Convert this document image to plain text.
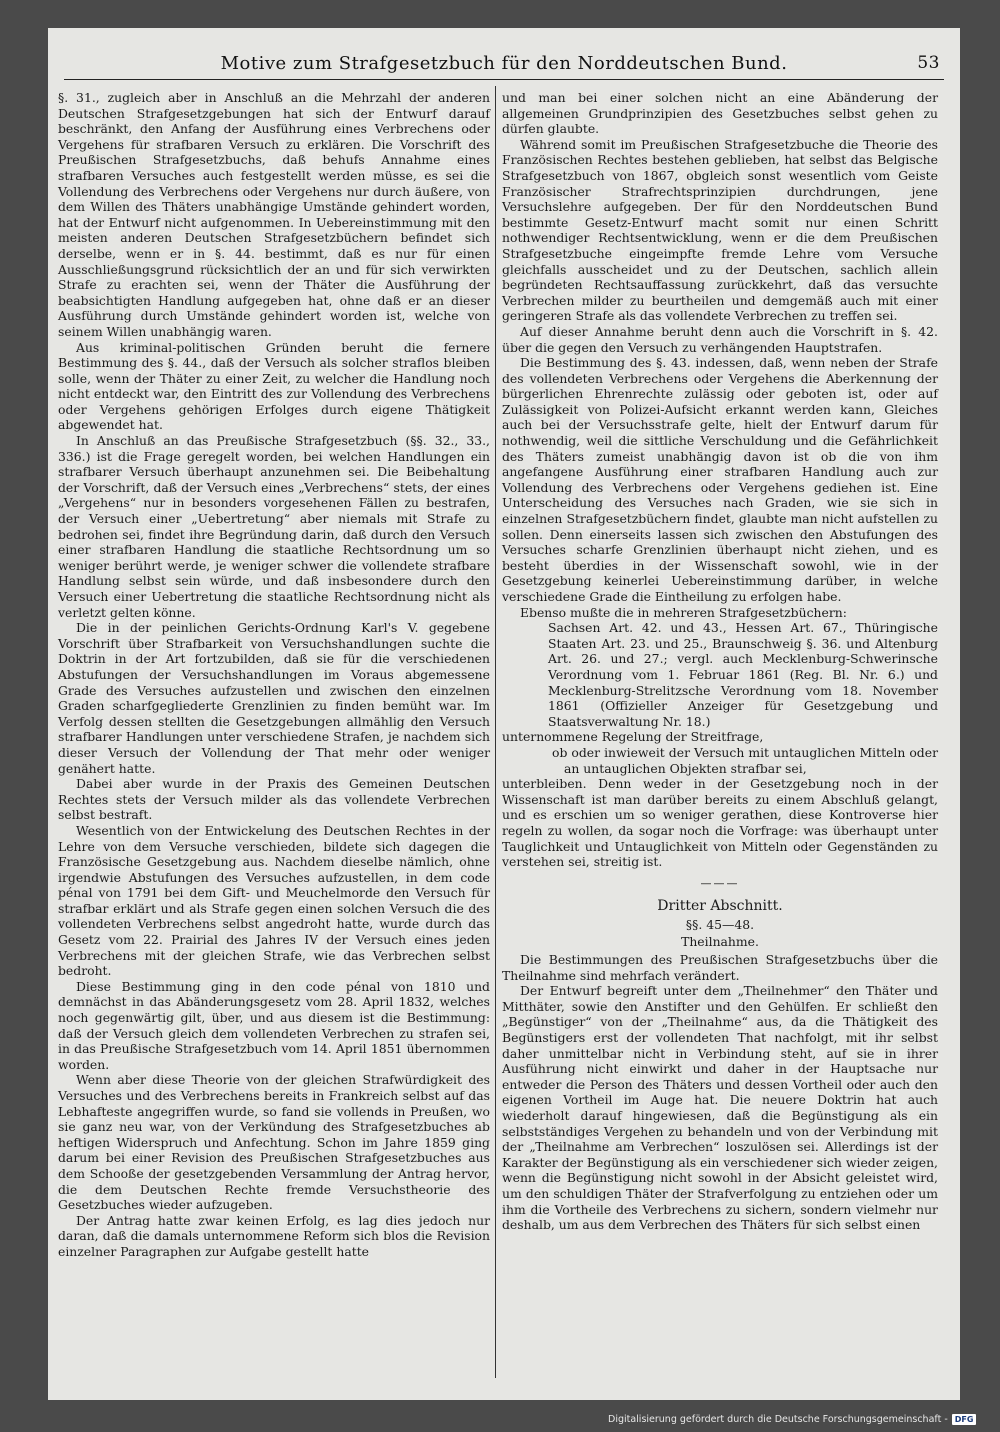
Motive zum Strafgesetzbuch für den Norddeutschen Bund.	53

§. 31., zugleich aber in Anschluß an die Mehrzahl der anderen Deutschen Strafgesetzgebungen hat sich der Entwurf darauf beschränkt, den Anfang der Ausführung eines Verbrechens oder Vergehens für strafbaren Versuch zu erklären. Die Vorschrift des Preußischen Strafgesetzbuchs, daß behufs Annahme eines strafbaren Versuches auch festgestellt werden müsse, es sei die Vollendung des Verbrechens oder Vergehens nur durch äußere, von dem Willen des Thäters unabhängige Umstände gehindert worden, hat der Entwurf nicht aufgenommen. In Uebereinstimmung mit den meisten anderen Deutschen Strafgesetzbüchern befindet sich derselbe, wenn er in §. 44. bestimmt, daß es nur für einen Ausschließungsgrund rücksichtlich der an und für sich verwirkten Strafe zu erachten sei, wenn der Thäter die Ausführung der beabsichtigten Handlung aufgegeben hat, ohne daß er an dieser Ausführung durch Umstände gehindert worden ist, welche von seinem Willen unabhängig waren.

Aus kriminal-politischen Gründen beruht die fernere Bestimmung des §. 44., daß der Versuch als solcher straflos bleiben solle, wenn der Thäter zu einer Zeit, zu welcher die Handlung noch nicht entdeckt war, den Eintritt des zur Vollendung des Verbrechens oder Vergehens gehörigen Erfolges durch eigene Thätigkeit abgewendet hat.

In Anschluß an das Preußische Strafgesetzbuch (§§. 32., 33., 336.) ist die Frage geregelt worden, bei welchen Handlungen ein strafbarer Versuch überhaupt anzunehmen sei. Die Beibehaltung der Vorschrift, daß der Versuch eines „Verbrechens“ stets, der eines „Vergehens“ nur in besonders vorgesehenen Fällen zu bestrafen, der Versuch einer „Uebertretung“ aber niemals mit Strafe zu bedrohen sei, findet ihre Begründung darin, daß durch den Versuch einer strafbaren Handlung die staatliche Rechtsordnung um so weniger berührt werde, je weniger schwer die vollendete strafbare Handlung selbst sein würde, und daß insbesondere durch den Versuch einer Uebertretung die staatliche Rechtsordnung nicht als verletzt gelten könne.

Die in der peinlichen Gerichts-Ordnung Karl's V. gegebene Vorschrift über Strafbarkeit von Versuchshandlungen suchte die Doktrin in der Art fortzubilden, daß sie für die verschiedenen Abstufungen der Versuchshandlungen im Voraus abgemessene Grade des Versuches aufzustellen und zwischen den einzelnen Graden scharfgegliederte Grenzlinien zu finden bemüht war. Im Verfolg dessen stellten die Gesetzgebungen allmählig den Versuch strafbarer Handlungen unter verschiedene Strafen, je nachdem sich dieser Versuch der Vollendung der That mehr oder weniger genähert hatte.

Dabei aber wurde in der Praxis des Gemeinen Deutschen Rechtes stets der Versuch milder als das vollendete Verbrechen selbst bestraft.

Wesentlich von der Entwickelung des Deutschen Rechtes in der Lehre von dem Versuche verschieden, bildete sich dagegen die Französische Gesetzgebung aus. Nachdem dieselbe nämlich, ohne irgendwie Abstufungen des Versuches aufzustellen, in dem code pénal von 1791 bei dem Gift- und Meuchelmorde den Versuch für strafbar erklärt und als Strafe gegen einen solchen Versuch die des vollendeten Verbrechens selbst angedroht hatte, wurde durch das Gesetz vom 22. Prairial des Jahres IV der Versuch eines jeden Verbrechens mit der gleichen Strafe, wie das Verbrechen selbst bedroht.

Diese Bestimmung ging in den code pénal von 1810 und demnächst in das Abänderungsgesetz vom 28. April 1832, welches noch gegenwärtig gilt, über, und aus diesem ist die Bestimmung: daß der Versuch gleich dem vollendeten Verbrechen zu strafen sei, in das Preußische Strafgesetzbuch vom 14. April 1851 übernommen worden.

Wenn aber diese Theorie von der gleichen Strafwürdigkeit des Versuches und des Verbrechens bereits in Frankreich selbst auf das Lebhafteste angegriffen wurde, so fand sie vollends in Preußen, wo sie ganz neu war, von der Verkündung des Strafgesetzbuches ab heftigen Widerspruch und Anfechtung. Schon im Jahre 1859 ging darum bei einer Revision des Preußischen Strafgesetzbuches aus dem Schooße der gesetzgebenden Versammlung der Antrag hervor, die dem Deutschen Rechte fremde Versuchstheorie des Gesetzbuches wieder aufzugeben.

Der Antrag hatte zwar keinen Erfolg, es lag dies jedoch nur daran, daß die damals unternommene Reform sich blos die Revision einzelner Paragraphen zur Aufgabe gestellt hatte

und man bei einer solchen nicht an eine Abänderung der allgemeinen Grundprinzipien des Gesetzbuches selbst gehen zu dürfen glaubte.

Während somit im Preußischen Strafgesetzbuche die Theorie des Französischen Rechtes bestehen geblieben, hat selbst das Belgische Strafgesetzbuch von 1867, obgleich sonst wesentlich vom Geiste Französischer Strafrechtsprinzipien durchdrungen, jene Versuchslehre aufgegeben. Der für den Norddeutschen Bund bestimmte Gesetz-Entwurf macht somit nur einen Schritt nothwendiger Rechtsentwicklung, wenn er die dem Preußischen Strafgesetzbuche eingeimpfte fremde Lehre vom Versuche gleichfalls ausscheidet und zu der Deutschen, sachlich allein begründeten Rechtsauffassung zurückkehrt, daß das versuchte Verbrechen milder zu beurtheilen und demgemäß auch mit einer geringeren Strafe als das vollendete Verbrechen zu treffen sei.

Auf dieser Annahme beruht denn auch die Vorschrift in §. 42. über die gegen den Versuch zu verhängenden Hauptstrafen.

Die Bestimmung des §. 43. indessen, daß, wenn neben der Strafe des vollendeten Verbrechens oder Vergehens die Aberkennung der bürgerlichen Ehrenrechte zulässig oder geboten ist, oder auf Zulässigkeit von Polizei-Aufsicht erkannt werden kann, Gleiches auch bei der Versuchsstrafe gelte, hielt der Entwurf darum für nothwendig, weil die sittliche Verschuldung und die Gefährlichkeit des Thäters zumeist unabhängig davon ist ob die von ihm angefangene Ausführung einer strafbaren Handlung auch zur Vollendung des Verbrechens oder Vergehens gediehen ist. Eine Unterscheidung des Versuches nach Graden, wie sie sich in einzelnen Strafgesetzbüchern findet, glaubte man nicht aufstellen zu sollen. Denn einerseits lassen sich zwischen den Abstufungen des Versuches scharfe Grenzlinien überhaupt nicht ziehen, und es besteht überdies in der Wissenschaft sowohl, wie in der Gesetzgebung keinerlei Uebereinstimmung darüber, in welche verschiedene Grade die Eintheilung zu erfolgen habe.

Ebenso mußte die in mehreren Strafgesetzbüchern:

Sachsen Art. 42. und 43., Hessen Art. 67., Thüringische Staaten Art. 23. und 25., Braunschweig §. 36. und Altenburg Art. 26. und 27.; vergl. auch Mecklenburg-Schwerinsche Verordnung vom 1. Februar 1861 (Reg. Bl. Nr. 6.) und Mecklenburg-Strelitzsche Verordnung vom 18. November 1861 (Offizieller Anzeiger für Gesetzgebung und Staatsverwaltung Nr. 18.)

unternommene Regelung der Streitfrage,

ob oder inwieweit der Versuch mit untauglichen Mitteln oder an untauglichen Objekten strafbar sei,

unterbleiben. Denn weder in der Gesetzgebung noch in der Wissenschaft ist man darüber bereits zu einem Abschluß gelangt, und es erschien um so weniger gerathen, diese Kontroverse hier regeln zu wollen, da sogar noch die Vorfrage: was überhaupt unter Tauglichkeit und Untauglichkeit von Mitteln oder Gegenständen zu verstehen sei, streitig ist.

———

Dritter Abschnitt.

§§. 45—48.

Theilnahme.

Die Bestimmungen des Preußischen Strafgesetzbuchs über die Theilnahme sind mehrfach verändert.

Der Entwurf begreift unter dem „Theilnehmer“ den Thäter und Mitthäter, sowie den Anstifter und den Gehülfen. Er schließt den „Begünstiger“ von der „Theilnahme“ aus, da die Thätigkeit des Begünstigers erst der vollendeten That nachfolgt, mit ihr selbst daher unmittelbar nicht in Verbindung steht, auf sie in ihrer Ausführung nicht einwirkt und daher in der Hauptsache nur entweder die Person des Thäters und dessen Vortheil oder auch den eigenen Vortheil im Auge hat. Die neuere Doktrin hat auch wiederholt darauf hingewiesen, daß die Begünstigung als ein selbstständiges Vergehen zu behandeln und von der Verbindung mit der „Theilnahme am Verbrechen“ loszulösen sei. Allerdings ist der Karakter der Begünstigung als ein verschiedener sich wieder zeigen, wenn die Begünstigung nicht sowohl in der Absicht geleistet wird, um den schuldigen Thäter der Strafverfolgung zu entziehen oder um ihm die Vortheile des Verbrechens zu sichern, sondern vielmehr nur deshalb, um aus dem Verbrechen des Thäters für sich selbst einen

Digitalisierung gefördert durch die Deutsche Forschungsgemeinschaft - DFG
